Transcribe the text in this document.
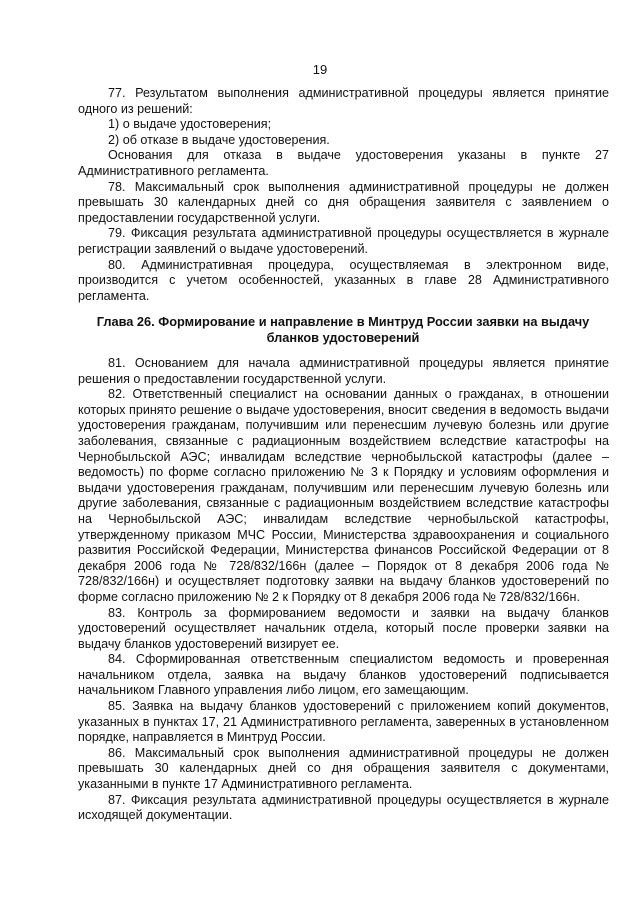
19

77. Результатом выполнения административной процедуры является принятие одного из решений:

1) о выдаче удостоверения;

2) об отказе в выдаче удостоверения.

Основания для отказа в выдаче удостоверения указаны в пункте 27 Административного регламента.

78. Максимальный срок выполнения административной процедуры не должен превышать 30 календарных дней со дня обращения заявителя с заявлением о предоставлении государственной услуги.

79. Фиксация результата административной процедуры осуществляется в журнале регистрации заявлений о выдаче удостоверений.

80. Административная процедура, осуществляемая в электронном виде, производится с учетом особенностей, указанных в главе 28 Административного регламента.

Глава 26. Формирование и направление в Минтруд России заявки на выдачу бланков удостоверений

81. Основанием для начала административной процедуры является принятие решения о предоставлении государственной услуги.

82. Ответственный специалист на основании данных о гражданах, в отношении которых принято решение о выдаче удостоверения, вносит сведения в ведомость выдачи удостоверения гражданам, получившим или перенесшим лучевую болезнь или другие заболевания, связанные с радиационным воздействием вследствие катастрофы на Чернобыльской АЭС; инвалидам вследствие чернобыльской катастрофы (далее – ведомость) по форме согласно приложению № 3 к Порядку и условиям оформления и выдачи удостоверения гражданам, получившим или перенесшим лучевую болезнь или другие заболевания, связанные с радиационным воздействием вследствие катастрофы на Чернобыльской АЭС; инвалидам вследствие чернобыльской катастрофы, утвержденному приказом МЧС России, Министерства здравоохранения и социального развития Российской Федерации, Министерства финансов Российской Федерации от 8 декабря 2006 года № 728/832/166н (далее – Порядок от 8 декабря 2006 года № 728/832/166н) и осуществляет подготовку заявки на выдачу бланков удостоверений по форме согласно приложению № 2 к Порядку от 8 декабря 2006 года № 728/832/166н.

83. Контроль за формированием ведомости и заявки на выдачу бланков удостоверений осуществляет начальник отдела, который после проверки заявки на выдачу бланков удостоверений визирует ее.

84. Сформированная ответственным специалистом ведомость и проверенная начальником отдела, заявка на выдачу бланков удостоверений подписывается начальником Главного управления либо лицом, его замещающим.

85. Заявка на выдачу бланков удостоверений с приложением копий документов, указанных в пунктах 17, 21 Административного регламента, заверенных в установленном порядке, направляется в Минтруд России.

86. Максимальный срок выполнения административной процедуры не должен превышать 30 календарных дней со дня обращения заявителя с документами, указанными в пункте 17 Административного регламента.

87. Фиксация результата административной процедуры осуществляется в журнале исходящей документации.
